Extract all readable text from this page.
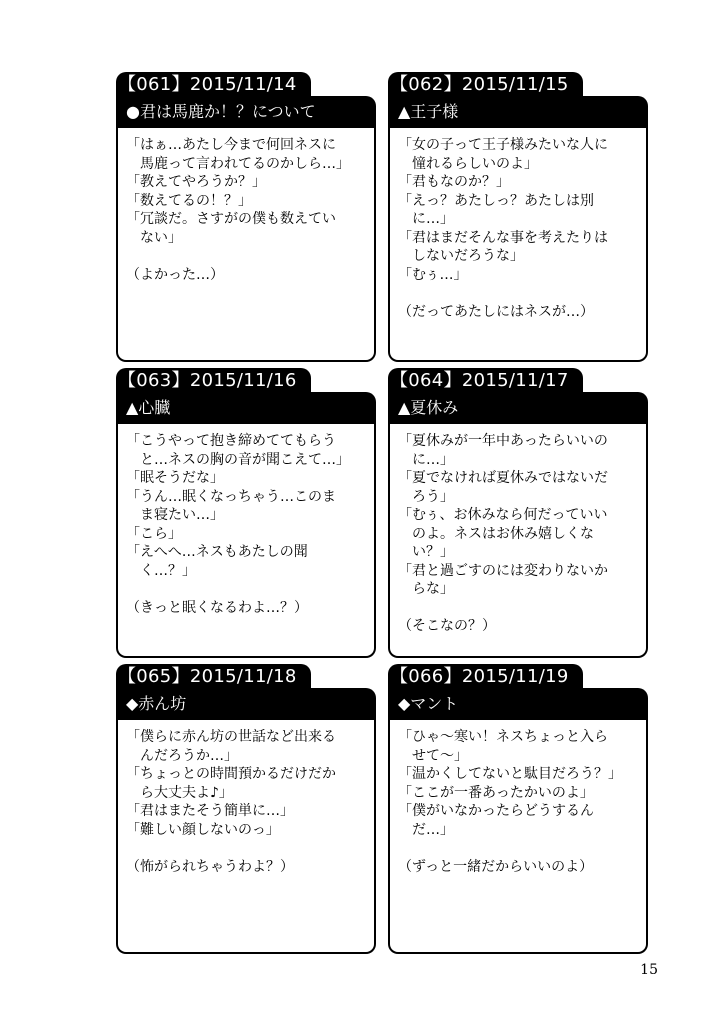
【061】2015/11/14
●君は馬鹿か！？について
「はぁ…あたし今まで何回ネスに
　馬鹿って言われてるのかしら…」
「教えてやろうか？」
「数えてるの！？」
「冗談だ。さすがの僕も数えてい
　ない」
（よかった…）
【062】2015/11/15
▲王子様
「女の子って王子様みたいな人に
　憧れるらしいのよ」
「君もなのか？」
「えっ？あたしっ？あたしは別
　に…」
「君はまだそんな事を考えたりは
　しないだろうな」
「むぅ…」
（だってあたしにはネスが…）
【063】2015/11/16
▲心臓
「こうやって抱き締めててもらう
　と…ネスの胸の音が聞こえて…」
「眠そうだな」
「うん…眠くなっちゃう…このま
　ま寝たい…」
「こら」
「えへへ…ネスもあたしの聞
　く…？」
（きっと眠くなるわよ…？）
【064】2015/11/17
▲夏休み
「夏休みが一年中あったらいいの
　に…」
「夏でなければ夏休みではないだ
　ろう」
「むぅ、お休みなら何だっていい
　のよ。ネスはお休み嬉しくな
　い？」
「君と過ごすのには変わりないか
　らな」
（そこなの？）
【065】2015/11/18
◆赤ん坊
「僕らに赤ん坊の世話など出来る
　んだろうか…」
「ちょっとの時間預かるだけだか
　ら大丈夫よ♪」
「君はまたそう簡単に…」
「難しい顔しないのっ」
（怖がられちゃうわよ？）
【066】2015/11/19
◆マント
「ひゃ～寒い！ネスちょっと入ら
　せて～」
「温かくしてないと駄目だろう？」
「ここが一番あったかいのよ」
「僕がいなかったらどうするん
　だ…」
（ずっと一緒だからいいのよ）
15
